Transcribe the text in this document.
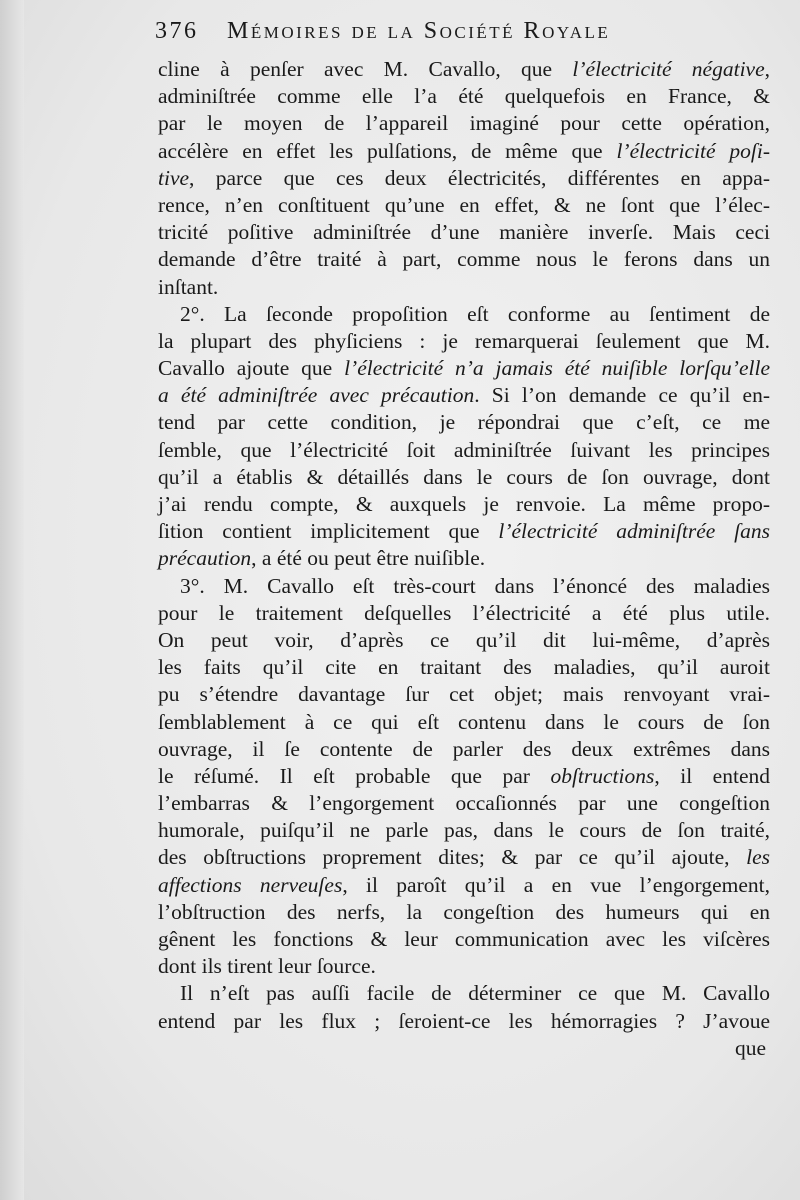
376 Mémoires de la Société Royale
cline à penſer avec M. Cavallo, que l’électricité négative,
adminiſtrée comme elle l’a été quelquefois en France, &
par le moyen de l’appareil imaginé pour cette opération,
accélère en effet les pulſations, de même que l’électricité poſi-
tive, parce que ces deux électricités, différentes en appa-
rence, n’en conſtituent qu’une en effet, & ne ſont que l’élec-
tricité poſitive adminiſtrée d’une manière inverſe. Mais ceci
demande d’être traité à part, comme nous le ferons dans un
inſtant.
2°. La ſeconde propoſition eſt conforme au ſentiment de
la plupart des phyſiciens : je remarquerai ſeulement que M.
Cavallo ajoute que l’électricité n’a jamais été nuiſible lorſqu’elle
a été adminiſtrée avec précaution. Si l’on demande ce qu’il en-
tend par cette condition, je répondrai que c’eſt, ce me
ſemble, que l’électricité ſoit adminiſtrée ſuivant les principes
qu’il a établis & détaillés dans le cours de ſon ouvrage, dont
j’ai rendu compte, & auxquels je renvoie. La même propo-
ſition contient implicitement que l’électricité adminiſtrée ſans
précaution, a été ou peut être nuiſible.
3°. M. Cavallo eſt très-court dans l’énoncé des maladies
pour le traitement deſquelles l’électricité a été plus utile.
On peut voir, d’après ce qu’il dit lui-même, d’après
les faits qu’il cite en traitant des maladies, qu’il auroit
pu s’étendre davantage ſur cet objet; mais renvoyant vrai-
ſemblablement à ce qui eſt contenu dans le cours de ſon
ouvrage, il ſe contente de parler des deux extrêmes dans
le réſumé. Il eſt probable que par obſtructions, il entend
l’embarras & l’engorgement occaſionnés par une congeſtion
humorale, puiſqu’il ne parle pas, dans le cours de ſon traité,
des obſtructions proprement dites; & par ce qu’il ajoute, les
affections nerveuſes, il paroît qu’il a en vue l’engorgement,
l’obſtruction des nerfs, la congeſtion des humeurs qui en
gênent les fonctions & leur communication avec les viſcères
dont ils tirent leur ſource.
Il n’eſt pas auſſi facile de déterminer ce que M. Cavallo
entend par les flux ; ſeroient-ce les hémorragies ? J’avoue
que
